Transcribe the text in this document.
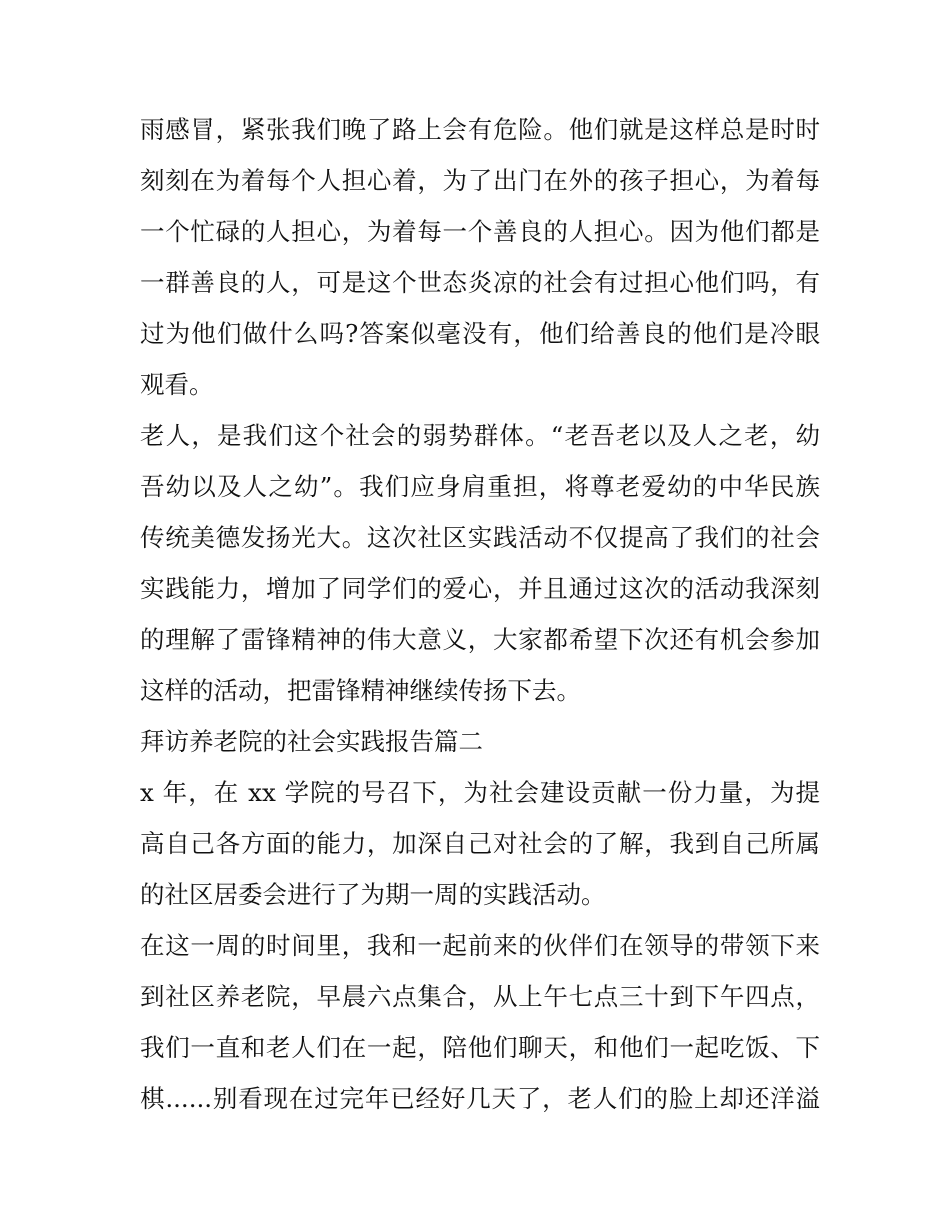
雨感冒，紧张我们晚了路上会有危险。他们就是这样总是时时
刻刻在为着每个人担心着，为了出门在外的孩子担心，为着每
一个忙碌的人担心，为着每一个善良的人担心。因为他们都是
一群善良的人，可是这个世态炎凉的社会有过担心他们吗，有
过为他们做什么吗?答案似毫没有，他们给善良的他们是冷眼
观看。
老人，是我们这个社会的弱势群体。“老吾老以及人之老，幼
吾幼以及人之幼”。我们应身肩重担，将尊老爱幼的中华民族
传统美德发扬光大。这次社区实践活动不仅提高了我们的社会
实践能力，增加了同学们的爱心，并且通过这次的活动我深刻
的理解了雷锋精神的伟大意义，大家都希望下次还有机会参加
这样的活动，把雷锋精神继续传扬下去。
拜访养老院的社会实践报告篇二
x 年，在 xx 学院的号召下，为社会建设贡献一份力量，为提
高自己各方面的能力，加深自己对社会的了解，我到自己所属
的社区居委会进行了为期一周的实践活动。
在这一周的时间里，我和一起前来的伙伴们在领导的带领下来
到社区养老院，早晨六点集合，从上午七点三十到下午四点，
我们一直和老人们在一起，陪他们聊天，和他们一起吃饭、下
棋......别看现在过完年已经好几天了，老人们的脸上却还洋溢
